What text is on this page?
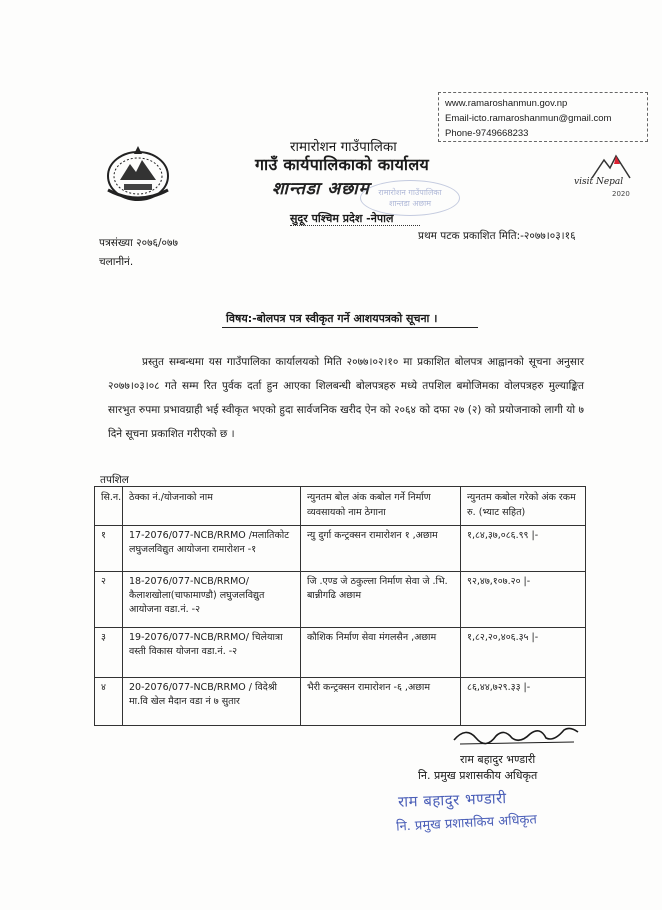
www.ramaroshanmun.gov.np
Email-icto.ramaroshanmun@gmail.com
Phone-9749668233
रामारोशन गाउँपालिका
गाउँ कार्यपालिकाको कार्यालय
शान्तडा अछाम	रामारोशन गाउँपालिका
शान्तडा अछाम
सुदूर पश्चिम प्रदेश -नेपाल
visit Nepal
2020
पत्रसंख्या २०७६/०७७
चलानीनं.
प्रथम पटक प्रकाशित मिति:-२०७७।०३।१६
विषय:-बोलपत्र पत्र स्वीकृत गर्ने आशयपत्रको सूचना ।
प्रस्तुत सम्बन्धमा यस गाउँपालिका कार्यालयको मिति २०७७।०२।१० मा प्रकाशित बोलपत्र आह्वानको सूचना अनुसार २०७७।०३।०८ गते सम्म रित पुर्वक दर्ता हुन आएका शिलबन्धी बोलपत्रहरु मध्ये तपशिल बमोजिमका वोलपत्रहरु मुल्याङ्कित सारभुत रुपमा प्रभावग्राही भई स्वीकृत भएको हुदा सार्वजनिक खरीद ऐन को २०६४ को दफा २७ (२) को प्रयोजनाको लागी यो ७ दिने सूचना प्रकाशित गरीएको छ ।
तपशिल
सि.न.	ठेक्का नं./योजनाको नाम	न्युनतम बोल अंक कबोल गर्ने निर्माण व्यवसायको नाम ठेगाना	न्युनतम कबोल गरेको अंक रकम रु. (भ्याट सहित)
१	17-2076/077-NCB/RRMO /मलातिकोट लघुजलविद्युत आयोजना रामारोशन -१	न्यु दुर्गा कन्ट्रक्सन रामारोशन १ ,अछाम	१,८४,३७,०८६.९९ |-
२	18-2076/077-NCB/RRMO/ कैलाशखोला(चाफामाण्डौ) लघुजलविद्युत आयोजना वडा.नं. -२	जि .एण्ड जे ठकुल्ला निर्माण सेवा जे .भि. बान्नीगढि अछाम	९२,४७,१०७.२० |-
३	19-2076/077-NCB/RRMO/ चिलेयात्रा वस्ती विकास योजना वडा.नं. -२	कौशिक निर्माण सेवा मंगलसैन ,अछाम	१,८२,२०,४०६.३५ |-
४	20-2076/077-NCB/RRMO / विदेश्री मा.वि खेल मैदान वडा नं ७ सुतार	भैरी कन्ट्रक्सन रामारोशन -६ ,अछाम	८६,४४,७२९.३३ |-
राम बहादुर भण्डारी
नि. प्रमुख प्रशासकीय अधिकृत
राम बहादुर भण्डारी
नि. प्रमुख प्रशासकिय अधिकृत
